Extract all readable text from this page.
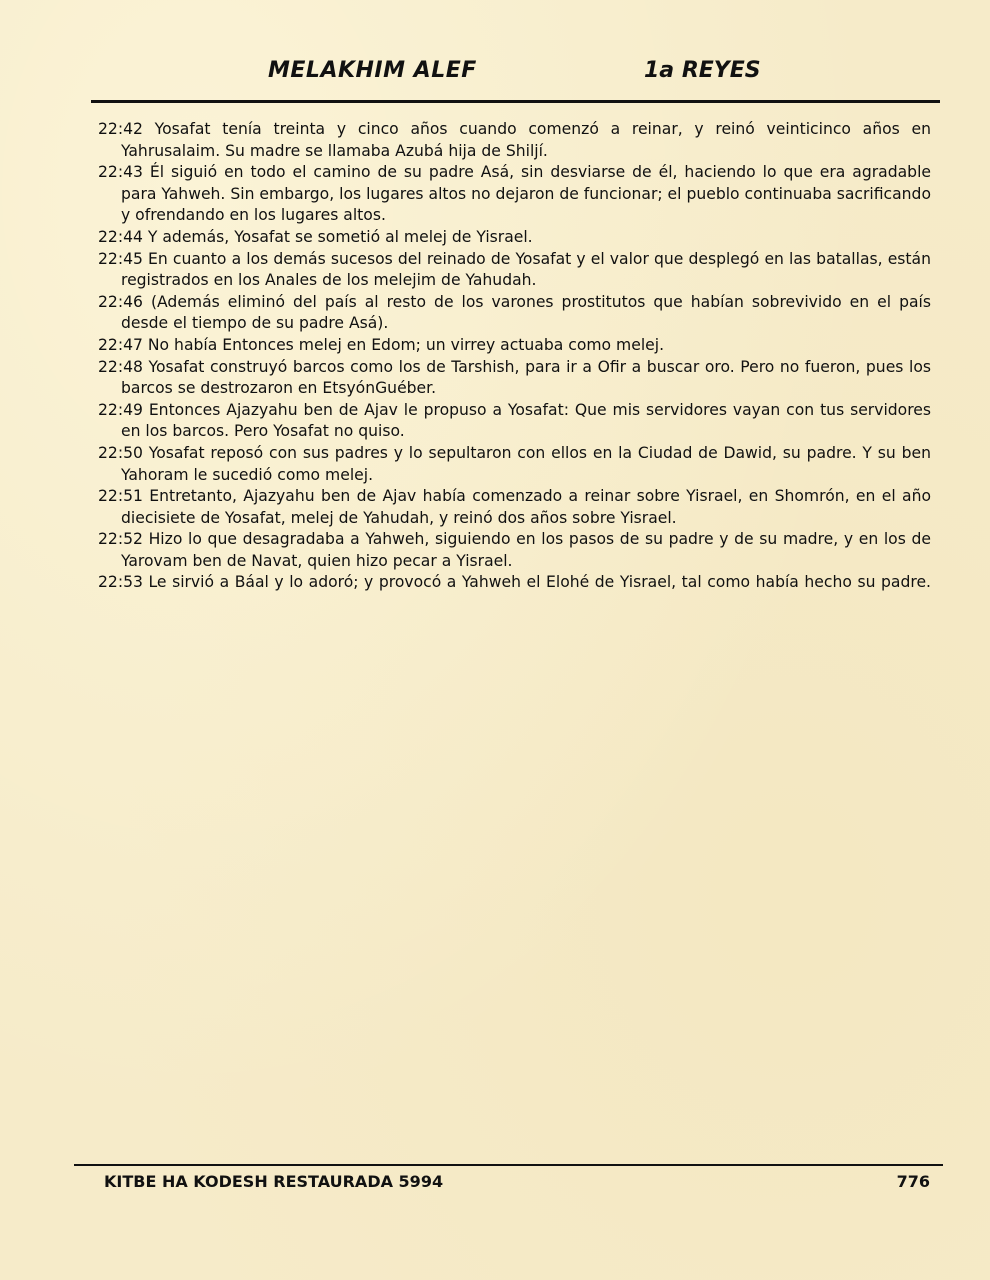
MELAKHIM ALEF	1a REYES

22:42 Yosafat tenía treinta y cinco años cuando comenzó a reinar, y reinó veinticinco años en Yahrusalaim. Su madre se llamaba Azubá hija de Shiljí.

22:43 Él siguió en todo el camino de su padre Asá, sin desviarse de él, haciendo lo que era agradable para Yahweh. Sin embargo, los lugares altos no dejaron de funcionar; el pueblo continuaba sacrificando y ofrendando en los lugares altos.

22:44 Y además, Yosafat se sometió al melej de Yisrael.

22:45 En cuanto a los demás sucesos del reinado de Yosafat y el valor que desplegó en las batallas, están registrados en los Anales de los melejim de Yahudah.

22:46 (Además eliminó del país al resto de los varones prostitutos que habían sobrevivido en el país desde el tiempo de su padre Asá).

22:47 No había Entonces melej en Edom; un virrey actuaba como melej.

22:48 Yosafat construyó barcos como los de Tarshish, para ir a Ofir a buscar oro. Pero no fueron, pues los barcos se destrozaron en EtsyónGuéber.

22:49 Entonces Ajazyahu ben de Ajav le propuso a Yosafat: Que mis servidores vayan con tus servidores en los barcos. Pero Yosafat no quiso.

22:50 Yosafat reposó con sus padres y lo sepultaron con ellos en la Ciudad de Dawid, su padre. Y su ben Yahoram le sucedió como melej.

22:51 Entretanto, Ajazyahu ben de Ajav había comenzado a reinar sobre Yisrael, en Shomrón, en el año diecisiete de Yosafat, melej de Yahudah, y reinó dos años sobre Yisrael.

22:52 Hizo lo que desagradaba a Yahweh, siguiendo en los pasos de su padre y de su madre, y en los de Yarovam ben de Navat, quien hizo pecar a Yisrael.

22:53 Le sirvió a Báal y lo adoró; y provocó a Yahweh el Elohé de Yisrael, tal como había hecho su padre.

KITBE HA KODESH RESTAURADA 5994	776
